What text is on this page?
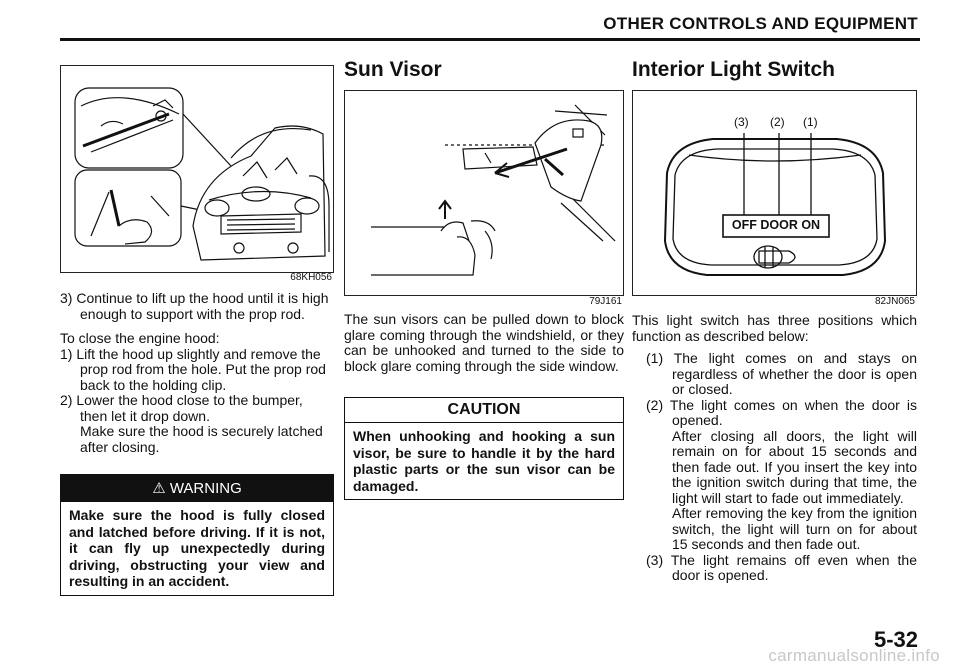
OTHER CONTROLS AND EQUIPMENT
68KH056

3) Continue to lift up the hood until it is high enough to support with the prop rod.

To close the engine hood:

1) Lift the hood up slightly and remove the prop rod from the hole. Put the prop rod back to the holding clip.

2) Lower the hood close to the bumper, then let it drop down.

Make sure the hood is securely latched after closing.

⚠ WARNING
Make sure the hood is fully closed and latched before driving. If it is not, it can fly up unexpectedly during driving, obstructing your view and resulting in an accident.
Sun Visor
79J161
The sun visors can be pulled down to block glare coming through the windshield, or they can be unhooked and turned to the side to block glare coming through the side window.
CAUTION
When unhooking and hooking a sun visor, be sure to handle it by the hard plastic parts or the sun visor can be damaged.
Interior Light Switch
(3) (2) (1)
OFF DOOR ON
82JN065

This light switch has three positions which function as described below:

(1) The light comes on and stays on regardless of whether the door is open or closed.

(2) The light comes on when the door is opened.

After closing all doors, the light will remain on for about 15 seconds and then fade out. If you insert the key into the ignition switch during that time, the light will start to fade out immediately.

After removing the key from the ignition switch, the light will turn on for about 15 seconds and then fade out.

(3) The light remains off even when the door is opened.

5-32
carmanualsonline.info
